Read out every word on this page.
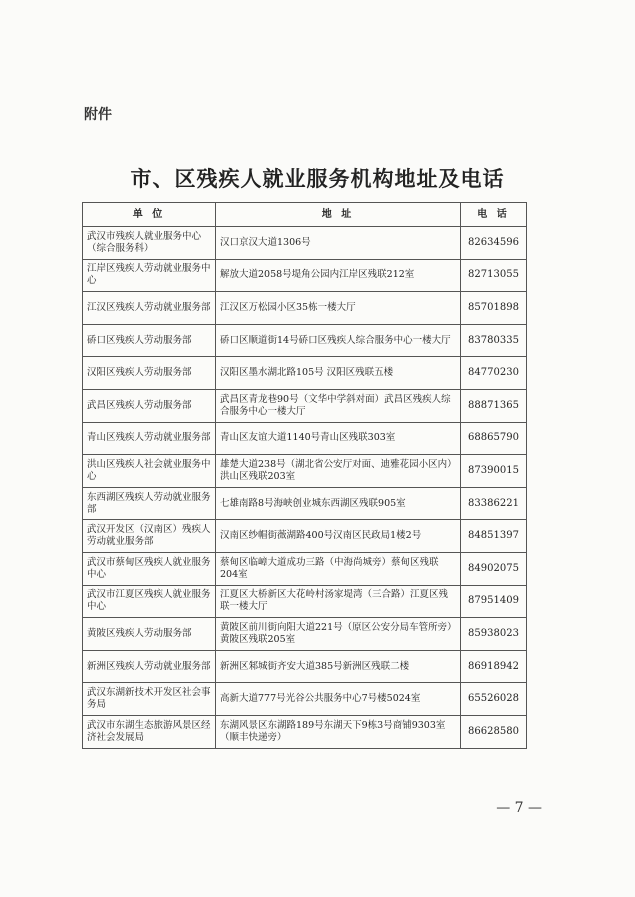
附件
市、区残疾人就业服务机构地址及电话
单 位	地 址	电 话
武汉市残疾人就业服务中心（综合服务科）	汉口京汉大道1306号	82634596
江岸区残疾人劳动就业服务中心	解放大道2058号堤角公园内江岸区残联212室	82713055
江汉区残疾人劳动就业服务部	江汉区万松园小区35栋一楼大厅	85701898
硚口区残疾人劳动服务部	硚口区顺道街14号硚口区残疾人综合服务中心一楼大厅	83780335
汉阳区残疾人劳动服务部	汉阳区墨水湖北路105号 汉阳区残联五楼	84770230
武昌区残疾人劳动服务部	武昌区青龙巷90号（文华中学斜对面）武昌区残疾人综合服务中心一楼大厅	88871365
青山区残疾人劳动就业服务部	青山区友谊大道1140号青山区残联303室	68865790
洪山区残疾人社会就业服务中心	雄楚大道238号（湖北省公安厅对面、迪雅花园小区内）洪山区残联203室	87390015
东西湖区残疾人劳动就业服务部	七雄南路8号海峡创业城东西湖区残联905室	83386221
武汉开发区（汉南区）残疾人劳动就业服务部	汉南区纱帽街薇湖路400号汉南区民政局1楼2号	84851397
武汉市蔡甸区残疾人就业服务中心	蔡甸区临嶂大道成功三路（中海尚城旁）蔡甸区残联204室	84902075
武汉市江夏区残疾人就业服务中心	江夏区大桥新区大花岭村汤家堤湾（三合路）江夏区残联一楼大厅	87951409
黄陂区残疾人劳动服务部	黄陂区前川街向阳大道221号（原区公安分局车管所旁）黄陂区残联205室	85938023
新洲区残疾人劳动就业服务部	新洲区邾城街齐安大道385号新洲区残联二楼	86918942
武汉东湖新技术开发区社会事务局	高新大道777号光谷公共服务中心7号楼5024室	65526028
武汉市东湖生态旅游风景区经济社会发展局	东湖风景区东湖路189号东湖天下9栋3号商铺9303室（顺丰快递旁）	86628580
— 7 —
